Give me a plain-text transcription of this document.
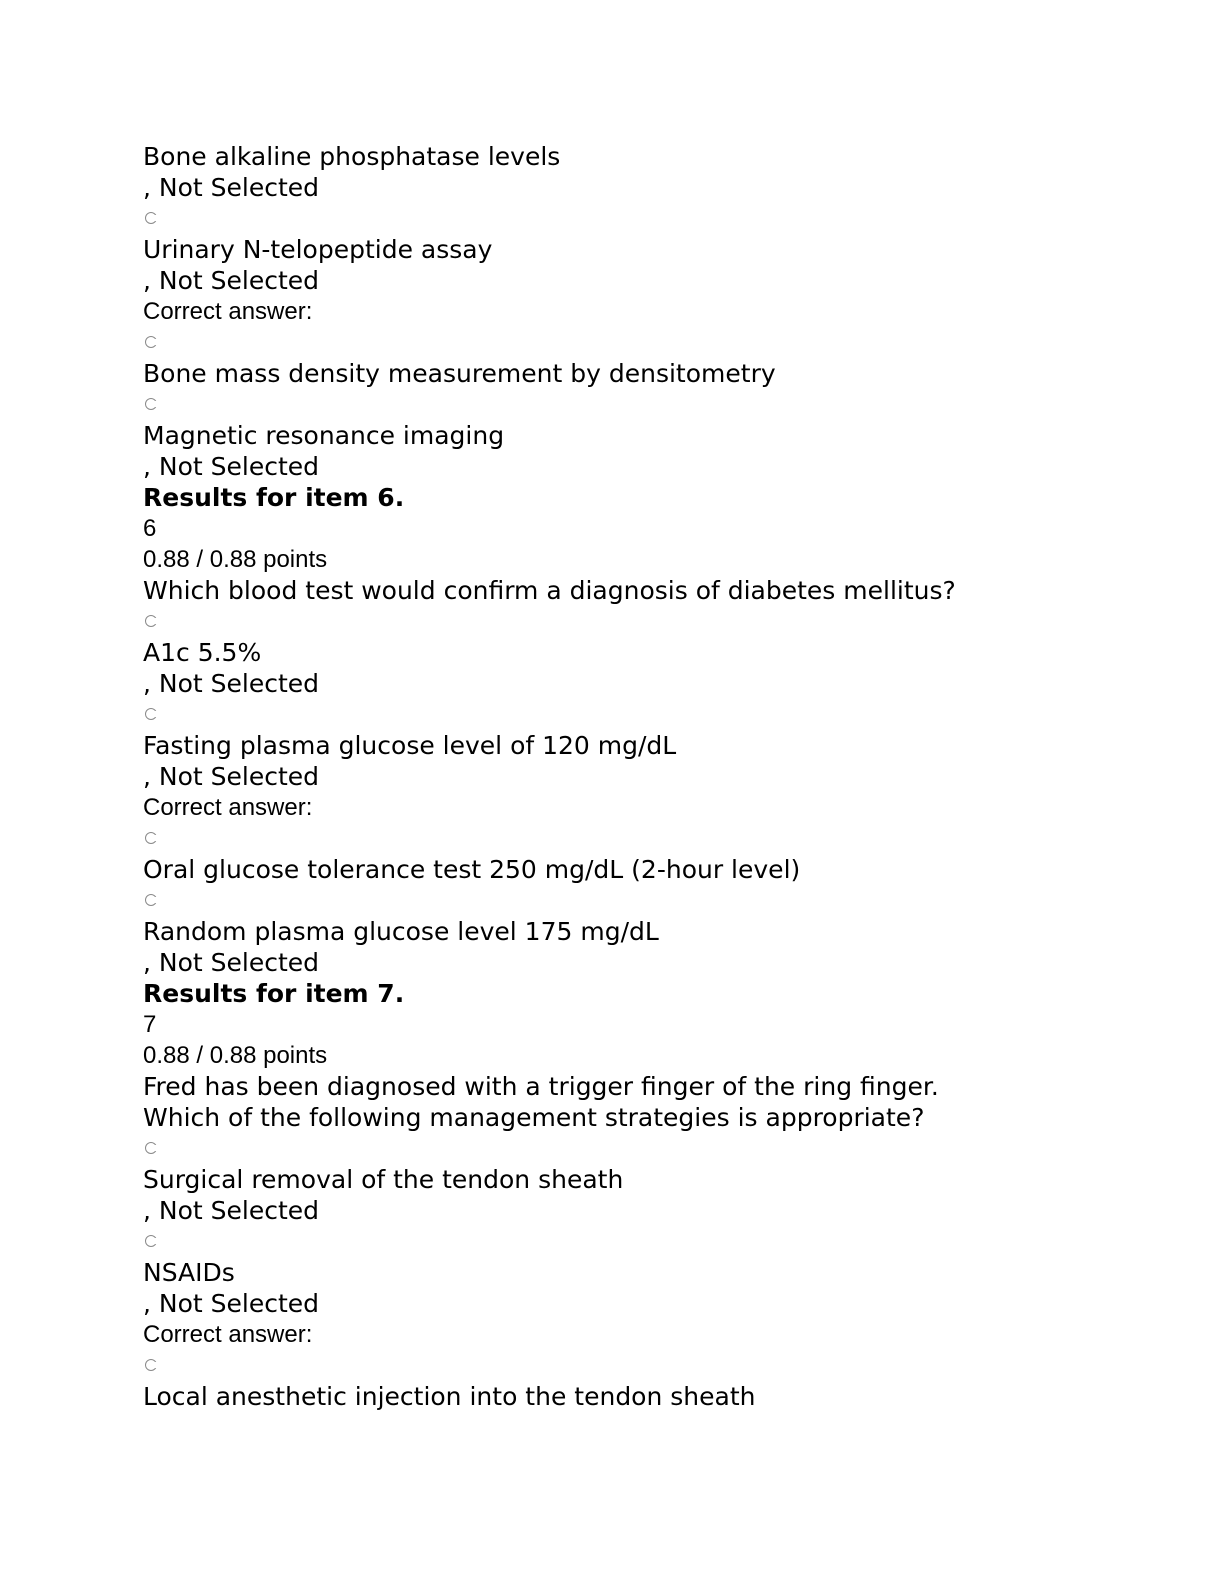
Bone alkaline phosphatase levels
, Not Selected
Urinary N-telopeptide assay
, Not Selected
Correct answer:
Bone mass density measurement by densitometry
Magnetic resonance imaging
, Not Selected
Results for item 6.
6
0.88 / 0.88 points
Which blood test would confirm a diagnosis of diabetes mellitus?
A1c 5.5%
, Not Selected
Fasting plasma glucose level of 120 mg/dL
, Not Selected
Correct answer:
Oral glucose tolerance test 250 mg/dL (2-hour level)
Random plasma glucose level 175 mg/dL
, Not Selected
Results for item 7.
7
0.88 / 0.88 points
Fred has been diagnosed with a trigger finger of the ring finger.
Which of the following management strategies is appropriate?
Surgical removal of the tendon sheath
, Not Selected
NSAIDs
, Not Selected
Correct answer:
Local anesthetic injection into the tendon sheath
